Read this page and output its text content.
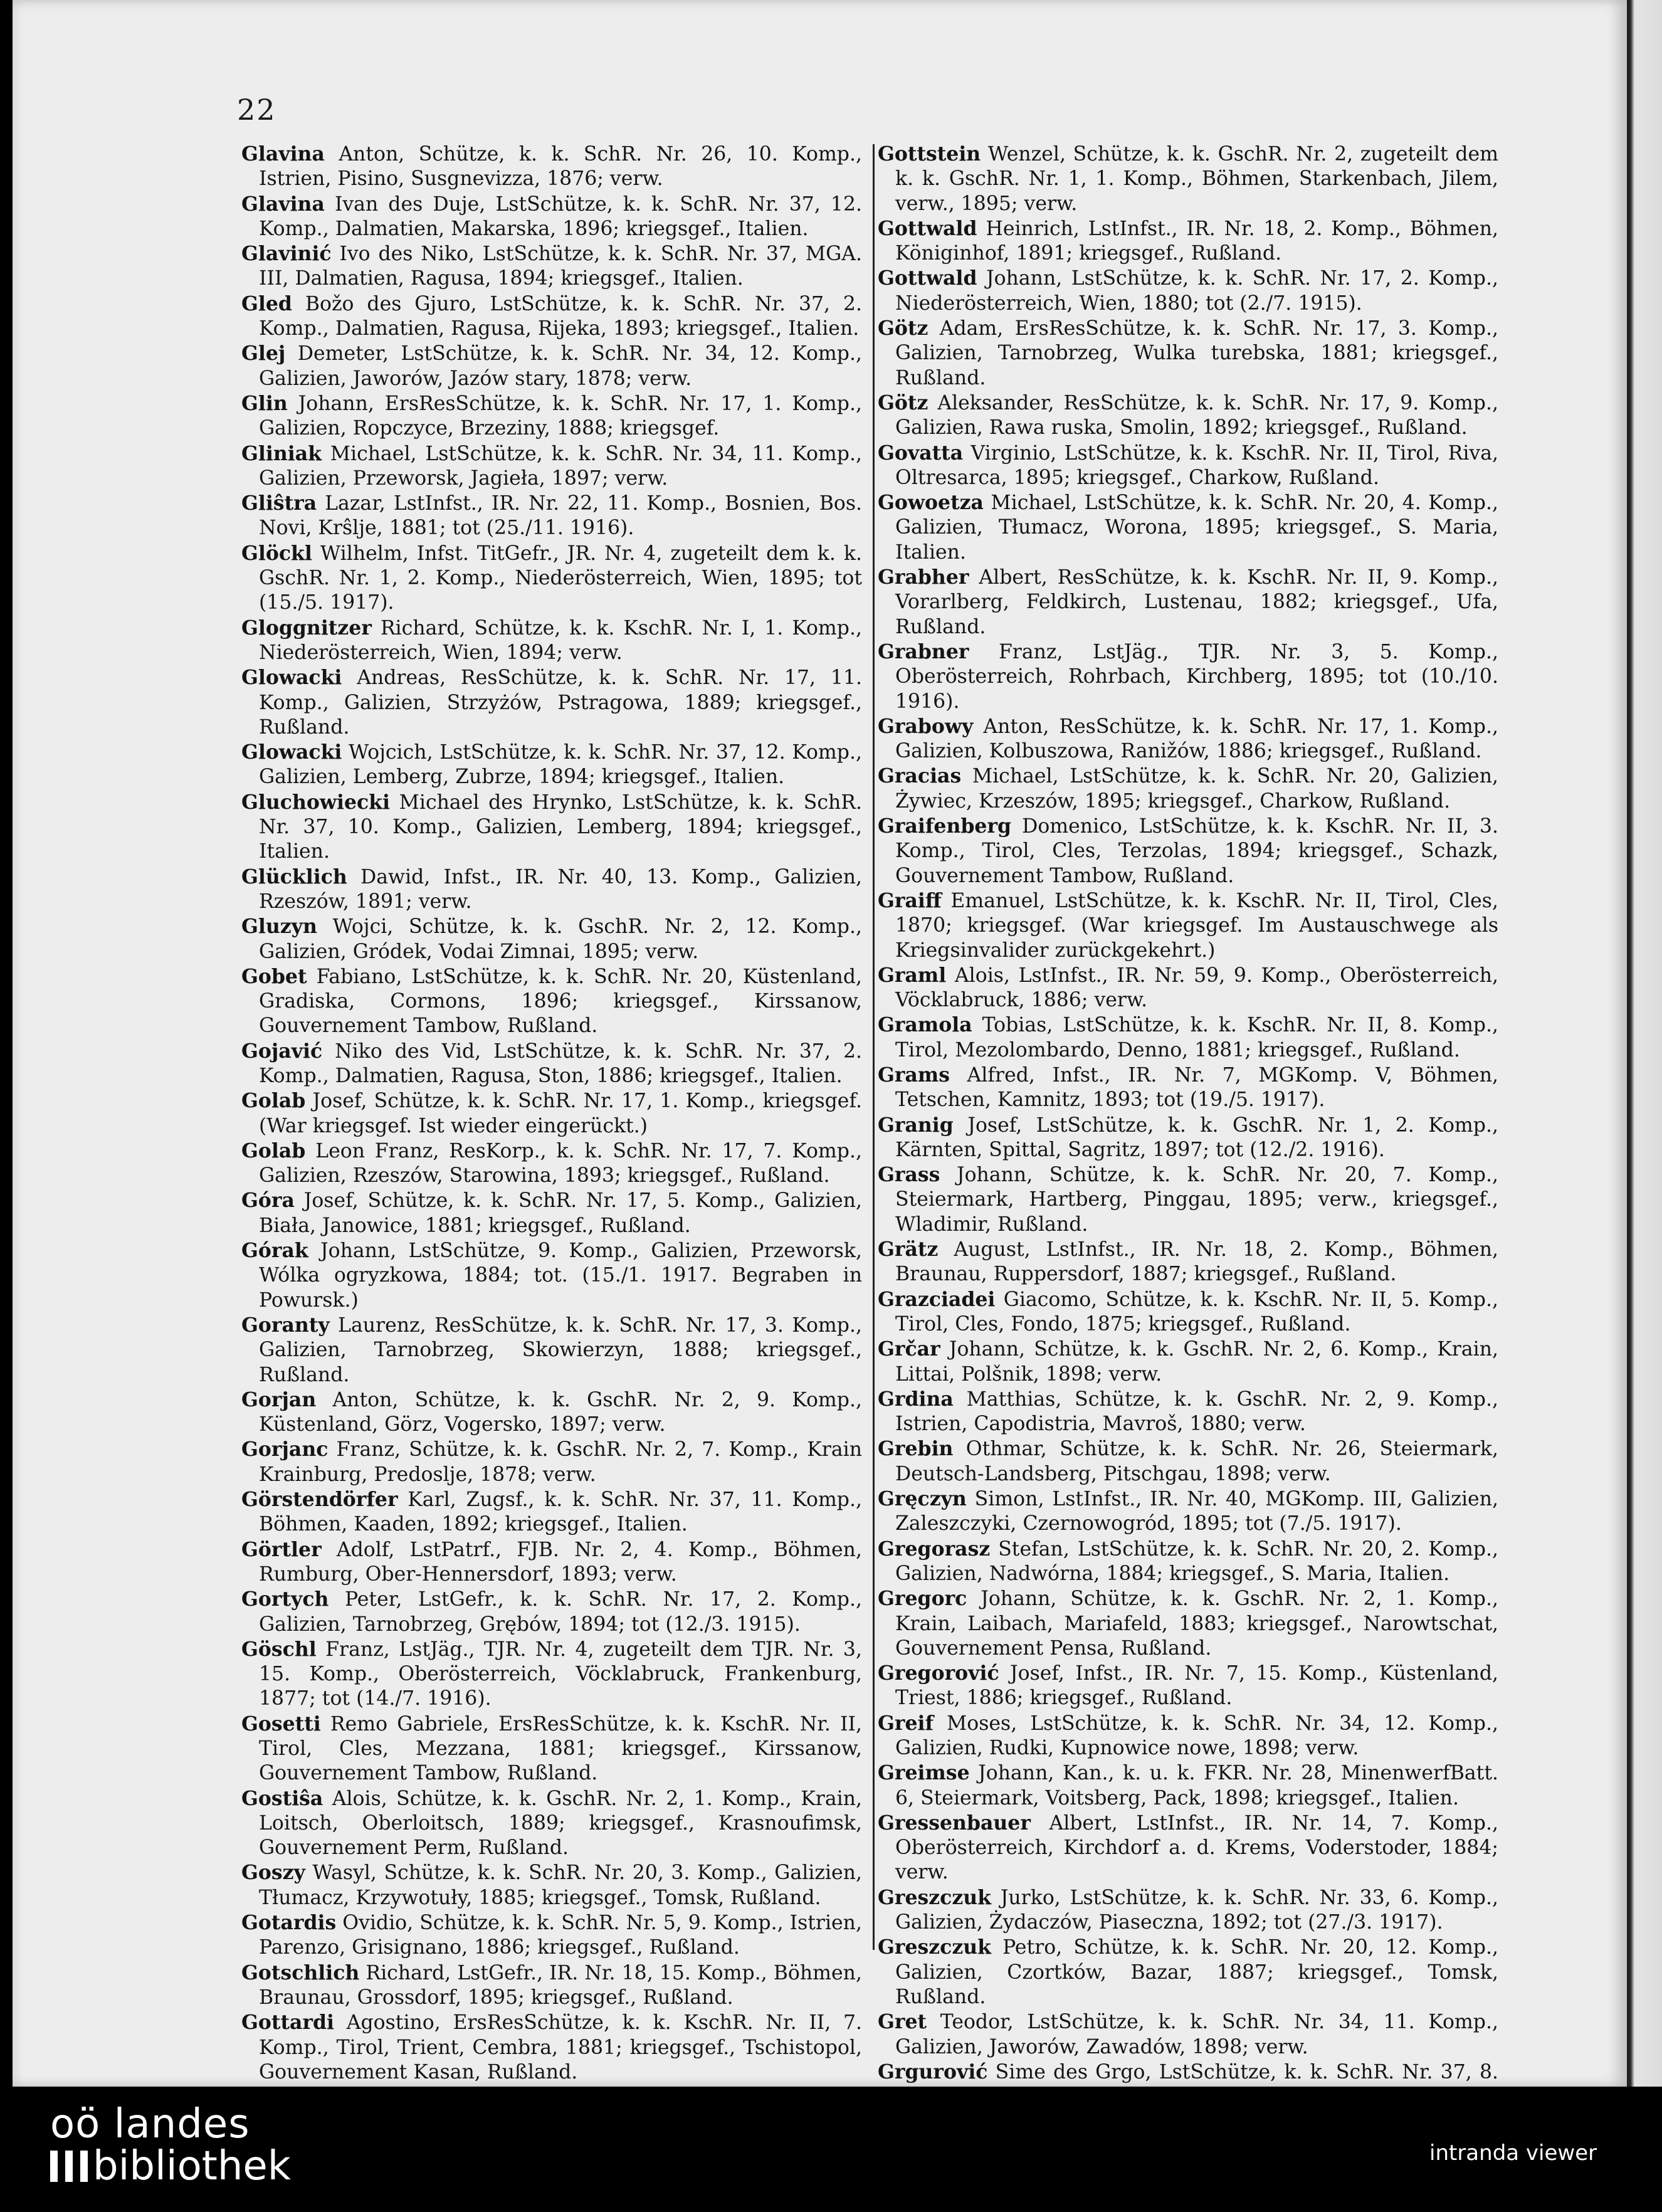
22

Glavina Anton, Schütze, k. k. SchR. Nr. 26, 10. Komp., Istrien, Pisino, Susgnevizza, 1876; verw.

Glavina Ivan des Duje, LstSchütze, k. k. SchR. Nr. 37, 12. Komp., Dalmatien, Makarska, 1896; kriegsgef., Italien.

Glavinić Ivo des Niko, LstSchütze, k. k. SchR. Nr. 37, MGA. III, Dalmatien, Ragusa, 1894; kriegsgef., Italien.

Gled Božo des Gjuro, LstSchütze, k. k. SchR. Nr. 37, 2. Komp., Dalmatien, Ragusa, Rijeka, 1893; kriegsgef., Italien.

Glej Demeter, LstSchütze, k. k. SchR. Nr. 34, 12. Komp., Galizien, Jaworów, Jazów stary, 1878; verw.

Glin Johann, ErsResSchütze, k. k. SchR. Nr. 17, 1. Komp., Galizien, Ropczyce, Brzeziny, 1888; kriegsgef.

Gliniak Michael, LstSchütze, k. k. SchR. Nr. 34, 11. Komp., Galizien, Przeworsk, Jagieła, 1897; verw.

Gliŝtra Lazar, LstInfst., IR. Nr. 22, 11. Komp., Bosnien, Bos. Novi, Krŝlje, 1881; tot (25./11. 1916).

Glöckl Wilhelm, Infst. TitGefr., JR. Nr. 4, zugeteilt dem k. k. GschR. Nr. 1, 2. Komp., Niederösterreich, Wien, 1895; tot (15./5. 1917).

Gloggnitzer Richard, Schütze, k. k. KschR. Nr. I, 1. Komp., Niederösterreich, Wien, 1894; verw.

Glowacki Andreas, ResSchütze, k. k. SchR. Nr. 17, 11. Komp., Galizien, Strzyżów, Pstragowa, 1889; kriegsgef., Rußland.

Glowacki Wojcich, LstSchütze, k. k. SchR. Nr. 37, 12. Komp., Galizien, Lemberg, Zubrze, 1894; kriegsgef., Italien.

Gluchowiecki Michael des Hrynko, LstSchütze, k. k. SchR. Nr. 37, 10. Komp., Galizien, Lemberg, 1894; kriegsgef., Italien.

Glücklich Dawid, Infst., IR. Nr. 40, 13. Komp., Galizien, Rzeszów, 1891; verw.

Gluzyn Wojci, Schütze, k. k. GschR. Nr. 2, 12. Komp., Galizien, Gródek, Vodai Zimnai, 1895; verw.

Gobet Fabiano, LstSchütze, k. k. SchR. Nr. 20, Küstenland, Gradiska, Cormons, 1896; kriegsgef., Kirssanow, Gouvernement Tambow, Rußland.

Gojavić Niko des Vid, LstSchütze, k. k. SchR. Nr. 37, 2. Komp., Dalmatien, Ragusa, Ston, 1886; kriegsgef., Italien.

Golab Josef, Schütze, k. k. SchR. Nr. 17, 1. Komp., kriegsgef. (War kriegsgef. Ist wieder eingerückt.)

Golab Leon Franz, ResKorp., k. k. SchR. Nr. 17, 7. Komp., Galizien, Rzeszów, Starowina, 1893; kriegsgef., Rußland.

Góra Josef, Schütze, k. k. SchR. Nr. 17, 5. Komp., Galizien, Biała, Janowice, 1881; kriegsgef., Rußland.

Górak Johann, LstSchütze, 9. Komp., Galizien, Przeworsk, Wólka ogryzkowa, 1884; tot. (15./1. 1917. Begraben in Powursk.)

Goranty Laurenz, ResSchütze, k. k. SchR. Nr. 17, 3. Komp., Galizien, Tarnobrzeg, Skowierzyn, 1888; kriegsgef., Rußland.

Gorjan Anton, Schütze, k. k. GschR. Nr. 2, 9. Komp., Küstenland, Görz, Vogersko, 1897; verw.

Gorjanc Franz, Schütze, k. k. GschR. Nr. 2, 7. Komp., Krain Krainburg, Predoslje, 1878; verw.

Görstendörfer Karl, Zugsf., k. k. SchR. Nr. 37, 11. Komp., Böhmen, Kaaden, 1892; kriegsgef., Italien.

Görtler Adolf, LstPatrf., FJB. Nr. 2, 4. Komp., Böhmen, Rumburg, Ober-Hennersdorf, 1893; verw.

Gortych Peter, LstGefr., k. k. SchR. Nr. 17, 2. Komp., Galizien, Tarnobrzeg, Grębów, 1894; tot (12./3. 1915).

Göschl Franz, LstJäg., TJR. Nr. 4, zugeteilt dem TJR. Nr. 3, 15. Komp., Oberösterreich, Vöcklabruck, Frankenburg, 1877; tot (14./7. 1916).

Gosetti Remo Gabriele, ErsResSchütze, k. k. KschR. Nr. II, Tirol, Cles, Mezzana, 1881; kriegsgef., Kirssanow, Gouvernement Tambow, Rußland.

Gostiŝa Alois, Schütze, k. k. GschR. Nr. 2, 1. Komp., Krain, Loitsch, Oberloitsch, 1889; kriegsgef., Krasnoufimsk, Gouvernement Perm, Rußland.

Goszy Wasyl, Schütze, k. k. SchR. Nr. 20, 3. Komp., Galizien, Tłumacz, Krzywotuły, 1885; kriegsgef., Tomsk, Rußland.

Gotardis Ovidio, Schütze, k. k. SchR. Nr. 5, 9. Komp., Istrien, Parenzo, Grisignano, 1886; kriegsgef., Rußland.

Gotschlich Richard, LstGefr., IR. Nr. 18, 15. Komp., Böhmen, Braunau, Grossdorf, 1895; kriegsgef., Rußland.

Gottardi Agostino, ErsResSchütze, k. k. KschR. Nr. II, 7. Komp., Tirol, Trient, Cembra, 1881; kriegsgef., Tschistopol, Gouvernement Kasan, Rußland.

Gottstein Wenzel, Schütze, k. k. GschR. Nr. 2, zugeteilt dem k. k. GschR. Nr. 1, 1. Komp., Böhmen, Starkenbach, Jilem, verw., 1895; verw.

Gottwald Heinrich, LstInfst., IR. Nr. 18, 2. Komp., Böhmen, Königinhof, 1891; kriegsgef., Rußland.

Gottwald Johann, LstSchütze, k. k. SchR. Nr. 17, 2. Komp., Niederösterreich, Wien, 1880; tot (2./7. 1915).

Götz Adam, ErsResSchütze, k. k. SchR. Nr. 17, 3. Komp., Galizien, Tarnobrzeg, Wulka turebska, 1881; kriegsgef., Rußland.

Götz Aleksander, ResSchütze, k. k. SchR. Nr. 17, 9. Komp., Galizien, Rawa ruska, Smolin, 1892; kriegsgef., Rußland.

Govatta Virginio, LstSchütze, k. k. KschR. Nr. II, Tirol, Riva, Oltresarca, 1895; kriegsgef., Charkow, Rußland.

Gowoetza Michael, LstSchütze, k. k. SchR. Nr. 20, 4. Komp., Galizien, Tłumacz, Worona, 1895; kriegsgef., S. Maria, Italien.

Grabher Albert, ResSchütze, k. k. KschR. Nr. II, 9. Komp., Vorarlberg, Feldkirch, Lustenau, 1882; kriegsgef., Ufa, Rußland.

Grabner Franz, LstJäg., TJR. Nr. 3, 5. Komp., Oberösterreich, Rohrbach, Kirchberg, 1895; tot (10./10. 1916).

Grabowy Anton, ResSchütze, k. k. SchR. Nr. 17, 1. Komp., Galizien, Kolbuszowa, Ranižów, 1886; kriegsgef., Rußland.

Gracias Michael, LstSchütze, k. k. SchR. Nr. 20, Galizien, Żywiec, Krzeszów, 1895; kriegsgef., Charkow, Rußland.

Graifenberg Domenico, LstSchütze, k. k. KschR. Nr. II, 3. Komp., Tirol, Cles, Terzolas, 1894; kriegsgef., Schazk, Gouvernement Tambow, Rußland.

Graiff Emanuel, LstSchütze, k. k. KschR. Nr. II, Tirol, Cles, 1870; kriegsgef. (War kriegsgef. Im Austauschwege als Kriegsinvalider zurückgekehrt.)

Graml Alois, LstInfst., IR. Nr. 59, 9. Komp., Oberösterreich, Vöcklabruck, 1886; verw.

Gramola Tobias, LstSchütze, k. k. KschR. Nr. II, 8. Komp., Tirol, Mezolombardo, Denno, 1881; kriegsgef., Rußland.

Grams Alfred, Infst., IR. Nr. 7, MGKomp. V, Böhmen, Tetschen, Kamnitz, 1893; tot (19./5. 1917).

Granig Josef, LstSchütze, k. k. GschR. Nr. 1, 2. Komp., Kärnten, Spittal, Sagritz, 1897; tot (12./2. 1916).

Grass Johann, Schütze, k. k. SchR. Nr. 20, 7. Komp., Steiermark, Hartberg, Pinggau, 1895; verw., kriegsgef., Wladimir, Rußland.

Grätz August, LstInfst., IR. Nr. 18, 2. Komp., Böhmen, Braunau, Ruppersdorf, 1887; kriegsgef., Rußland.

Grazciadei Giacomo, Schütze, k. k. KschR. Nr. II, 5. Komp., Tirol, Cles, Fondo, 1875; kriegsgef., Rußland.

Grčar Johann, Schütze, k. k. GschR. Nr. 2, 6. Komp., Krain, Littai, Polšnik, 1898; verw.

Grdina Matthias, Schütze, k. k. GschR. Nr. 2, 9. Komp., Istrien, Capodistria, Mavroš, 1880; verw.

Grebin Othmar, Schütze, k. k. SchR. Nr. 26, Steiermark, Deutsch-Landsberg, Pitschgau, 1898; verw.

Gręczyn Simon, LstInfst., IR. Nr. 40, MGKomp. III, Galizien, Zaleszczyki, Czernowogród, 1895; tot (7./5. 1917).

Gregorasz Stefan, LstSchütze, k. k. SchR. Nr. 20, 2. Komp., Galizien, Nadwórna, 1884; kriegsgef., S. Maria, Italien.

Gregorc Johann, Schütze, k. k. GschR. Nr. 2, 1. Komp., Krain, Laibach, Mariafeld, 1883; kriegsgef., Narowtschat, Gouvernement Pensa, Rußland.

Gregorović Josef, Infst., IR. Nr. 7, 15. Komp., Küstenland, Triest, 1886; kriegsgef., Rußland.

Greif Moses, LstSchütze, k. k. SchR. Nr. 34, 12. Komp., Galizien, Rudki, Kupnowice nowe, 1898; verw.

Greimse Johann, Kan., k. u. k. FKR. Nr. 28, MinenwerfBatt. 6, Steiermark, Voitsberg, Pack, 1898; kriegsgef., Italien.

Gressenbauer Albert, LstInfst., IR. Nr. 14, 7. Komp., Oberösterreich, Kirchdorf a. d. Krems, Voderstoder, 1884; verw.

Greszczuk Jurko, LstSchütze, k. k. SchR. Nr. 33, 6. Komp., Galizien, Żydaczów, Piaseczna, 1892; tot (27./3. 1917).

Greszczuk Petro, Schütze, k. k. SchR. Nr. 20, 12. Komp., Galizien, Czortków, Bazar, 1887; kriegsgef., Tomsk, Rußland.

Gret Teodor, LstSchütze, k. k. SchR. Nr. 34, 11. Komp., Galizien, Jaworów, Zawadów, 1898; verw.

Grgurović Sime des Grgo, LstSchütze, k. k. SchR. Nr. 37, 8.

oö landes
bibliothek	intranda viewer
